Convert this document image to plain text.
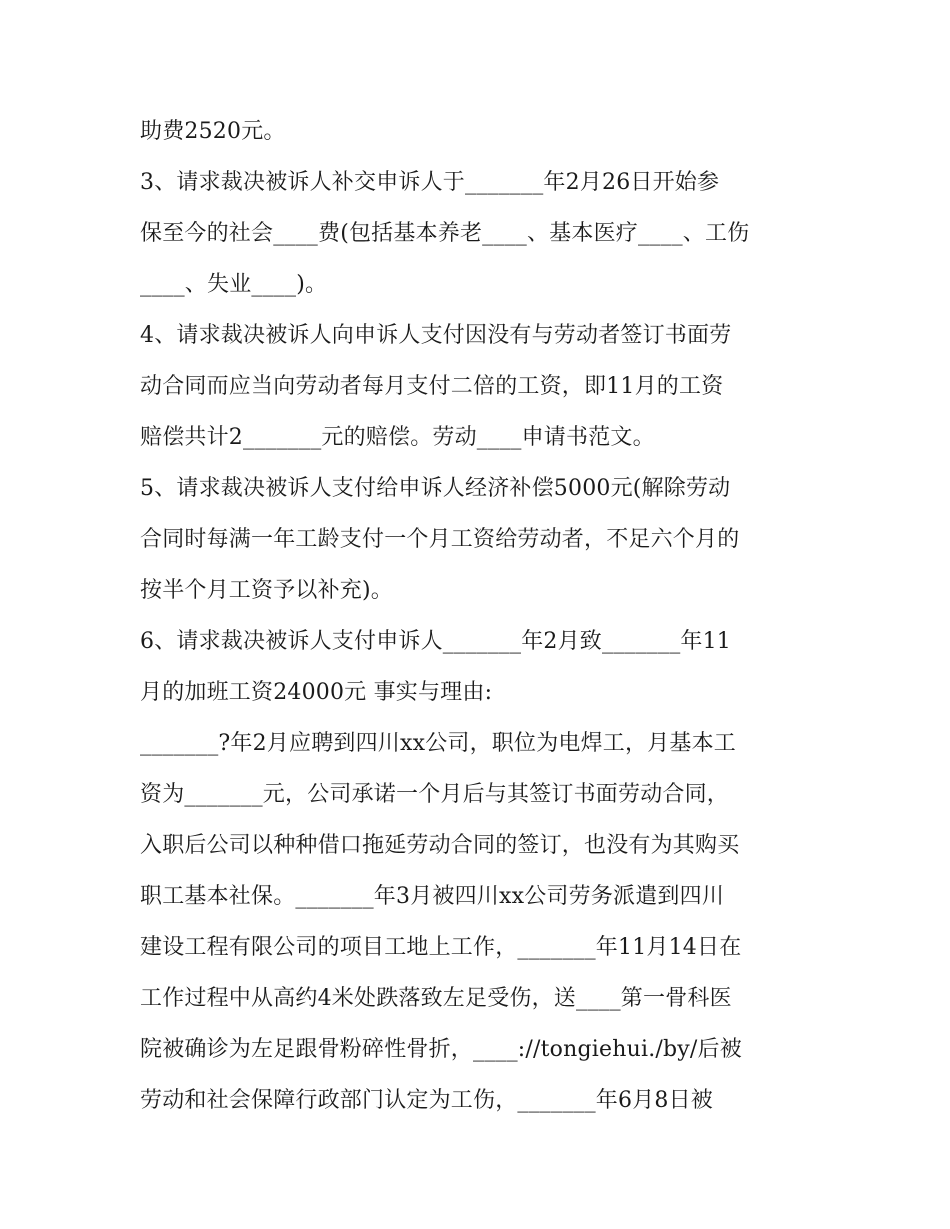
助费2520元。
3、请求裁决被诉人补交申诉人于_______年2月26日开始参
保至今的社会____费(包括基本养老____、基本医疗____、工伤
____、失业____)。
4、请求裁决被诉人向申诉人支付因没有与劳动者签订书面劳
动合同而应当向劳动者每月支付二倍的工资，即11月的工资
赔偿共计2_______元的赔偿。劳动____申请书范文。
5、请求裁决被诉人支付给申诉人经济补偿5000元(解除劳动
合同时每满一年工龄支付一个月工资给劳动者，不足六个月的
按半个月工资予以补充)。
6、请求裁决被诉人支付申诉人_______年2月致_______年11
月的加班工资24000元 事实与理由:
_______?年2月应聘到四川xx公司，职位为电焊工，月基本工
资为_______元，公司承诺一个月后与其签订书面劳动合同，
入职后公司以种种借口拖延劳动合同的签订，也没有为其购买
职工基本社保。_______年3月被四川xx公司劳务派遣到四川
建设工程有限公司的项目工地上工作，_______年11月14日在
工作过程中从高约4米处跌落致左足受伤，送____第一骨科医
院被确诊为左足跟骨粉碎性骨折，____://tongiehui./by/后被
劳动和社会保障行政部门认定为工伤，_______年6月8日被
